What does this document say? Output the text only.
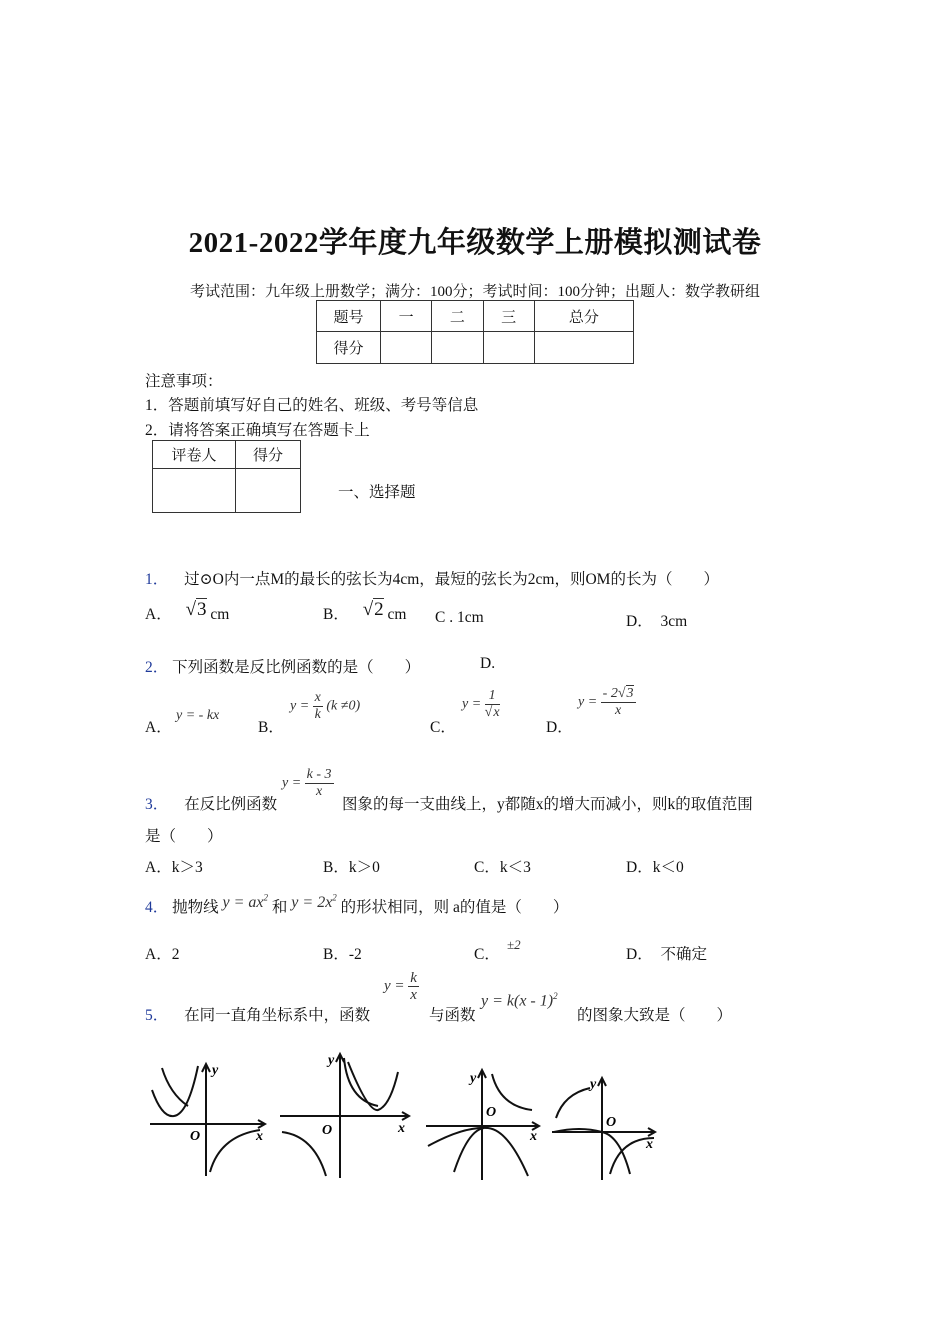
2021-2022学年度九年级数学上册模拟测试卷
考试范围：九年级上册数学；满分：100分；考试时间：100分钟；出题人：数学教研组
题号	一	二	三	总分
得分				
注意事项：
1．答题前填写好自己的姓名、班级、考号等信息
2．请将答案正确填写在答题卡上
评卷人	得分

一、选择题
1． 过⊙O内一点M的最长的弦长为4cm，最短的弦长为2cm，则OM的长为（　　）
A． √3 cm	B． √2 cm C . 1cm	D．　3cm
2． 下列函数是反比例函数的是（　　）	D.
A．
y = - kx
B．
$y = \frac{x}{k} (k \ne 0)$
C．
$y = \frac{1}{√x}$
D．
$y = \frac{- 2√3}{x}$
$y = \frac{k - 3}{x}$
3． 在反比例函数	图象的每一支曲线上，y都随x的增大而减小，则k的取值范围
是（　　）
A．k＞3	B．k＞0	C．k＜3	D．k＜0
4． 抛物线 $y = ax^2$ 和 $y = 2x^2$ 的形状相同，则 a的值是（　　）
A．2	B．-2	C．
±2
D．　不确定
$y = \frac{k}{x}$
5． 在同一直角坐标系中，函数	与函数
y = k(x - 1)$^2$
的图象大致是（　　）
y
x
O
y
x
O
y
x
O
y
x
O
